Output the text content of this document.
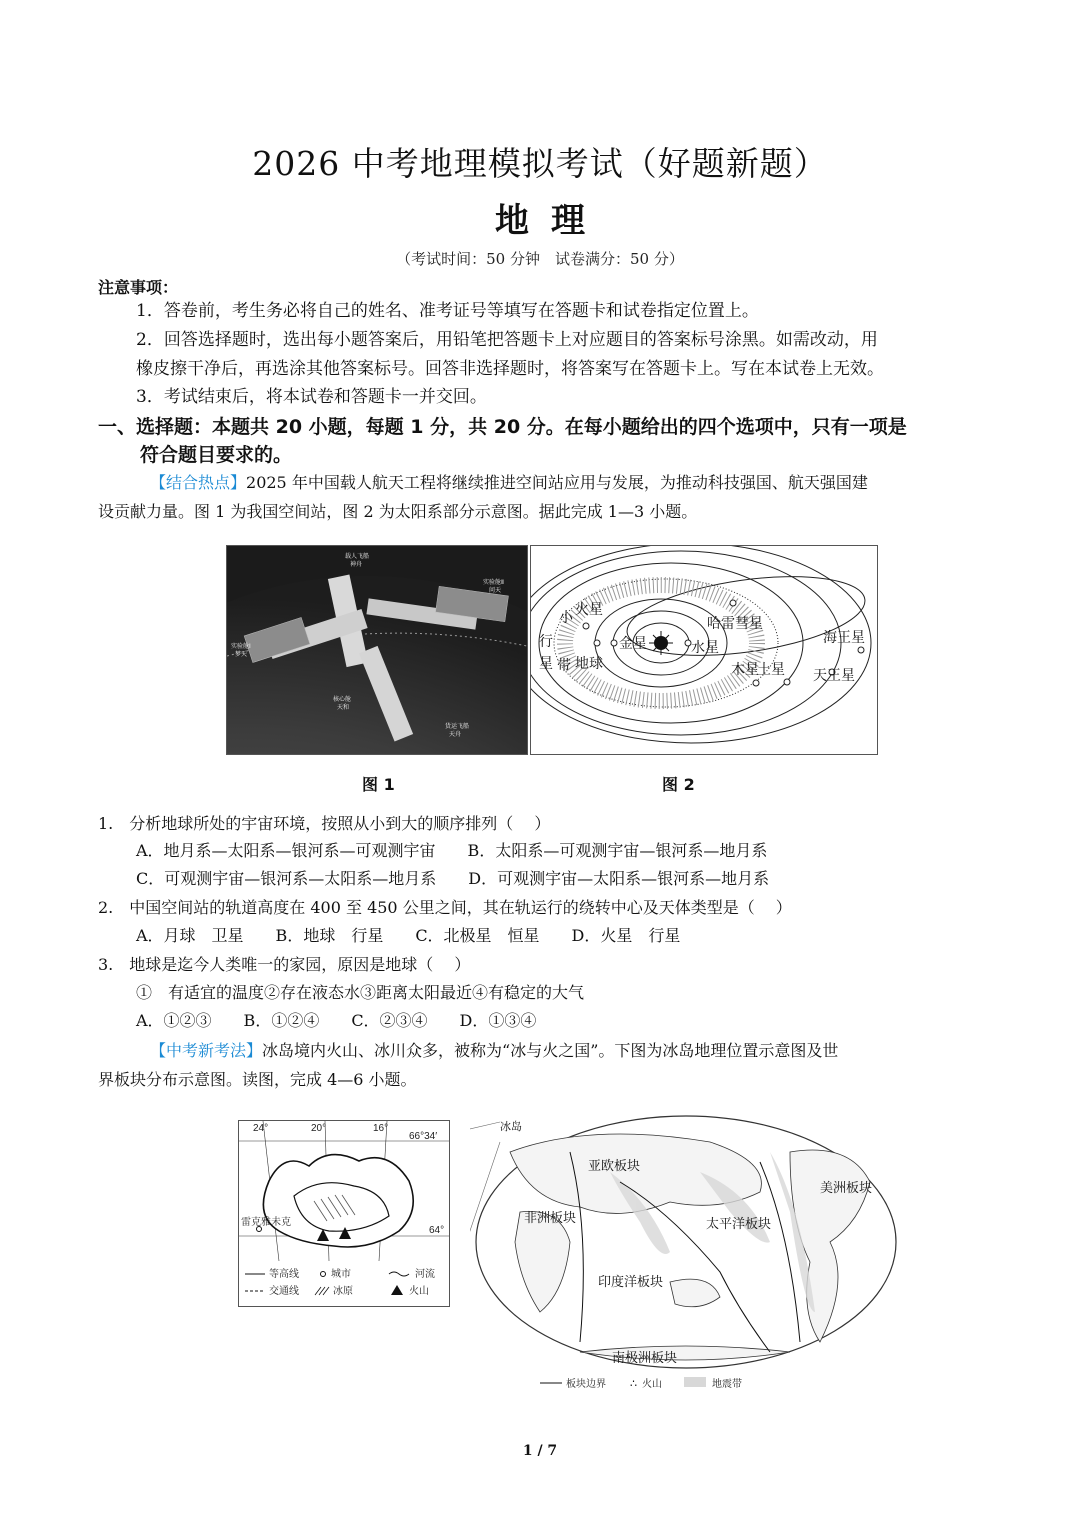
2026 中考地理模拟考试（好题新题）
地理
（考试时间：50 分钟　试卷满分：50 分）
注意事项：
1．答卷前，考生务必将自己的姓名、准考证号等填写在答题卡和试卷指定位置上。
2．回答选择题时，选出每小题答案后，用铅笔把答题卡上对应题目的答案标号涂黑。如需改动，用
橡皮擦干净后，再选涂其他答案标号。回答非选择题时，将答案写在答题卡上。写在本试卷上无效。
3．考试结束后，将本试卷和答题卡一并交回。
一、选择题：本题共 20 小题，每题 1 分，共 20 分。在每小题给出的四个选项中，只有一项是
符合题目要求的。
【结合热点】2025 年中国载人航天工程将继续推进空间站应用与发展，为推动科技强国、航天强国建
设贡献力量。图 1 为我国空间站，图 2 为太阳系部分示意图。据此完成 1—3 小题。
载人飞船
神舟
实验舱Ⅱ
问天
实验舱Ⅰ
梦天
核心舱
天和
货运飞船
天舟
小
火星
行
星 带
金星
地球
水星
哈雷彗星
海王星
木星
土星 天王星
图 1	图 2
1.　分析地球所处的宇宙环境，按照从小到大的顺序排列（　 ）
A．地月系—太阳系—银河系—可观测宇宙　　B．太阳系—可观测宇宙—银河系—地月系
C．可观测宇宙—银河系—太阳系—地月系　　D．可观测宇宙—太阳系—银河系—地月系
2.　中国空间站的轨道高度在 400 至 450 公里之间，其在轨运行的绕转中心及天体类型是（　 ）
A．月球　卫星　　B．地球　行星　　C．北极星　恒星　　D．火星　行星
3.　地球是迄今人类唯一的家园，原因是地球（　 ）
①　有适宜的温度②存在液态水③距离太阳最近④有稳定的大气
A．①②③　　B．①②④　　C．②③④　　D．①③④
【中考新考法】冰岛境内火山、冰川众多，被称为“冰与火之国”。下图为冰岛地理位置示意图及世
界板块分布示意图。读图，完成 4—6 小题。
24°	20°	16°
66°34′
64°
雷克雅未克
等高线	城市	河流
交通线	冰原	火山
冰岛
亚欧板块
非洲板块	太平洋板块
印度洋板块
南极洲板块
美洲板块
板块边界 ∴ 火山	地震带
1 / 7
